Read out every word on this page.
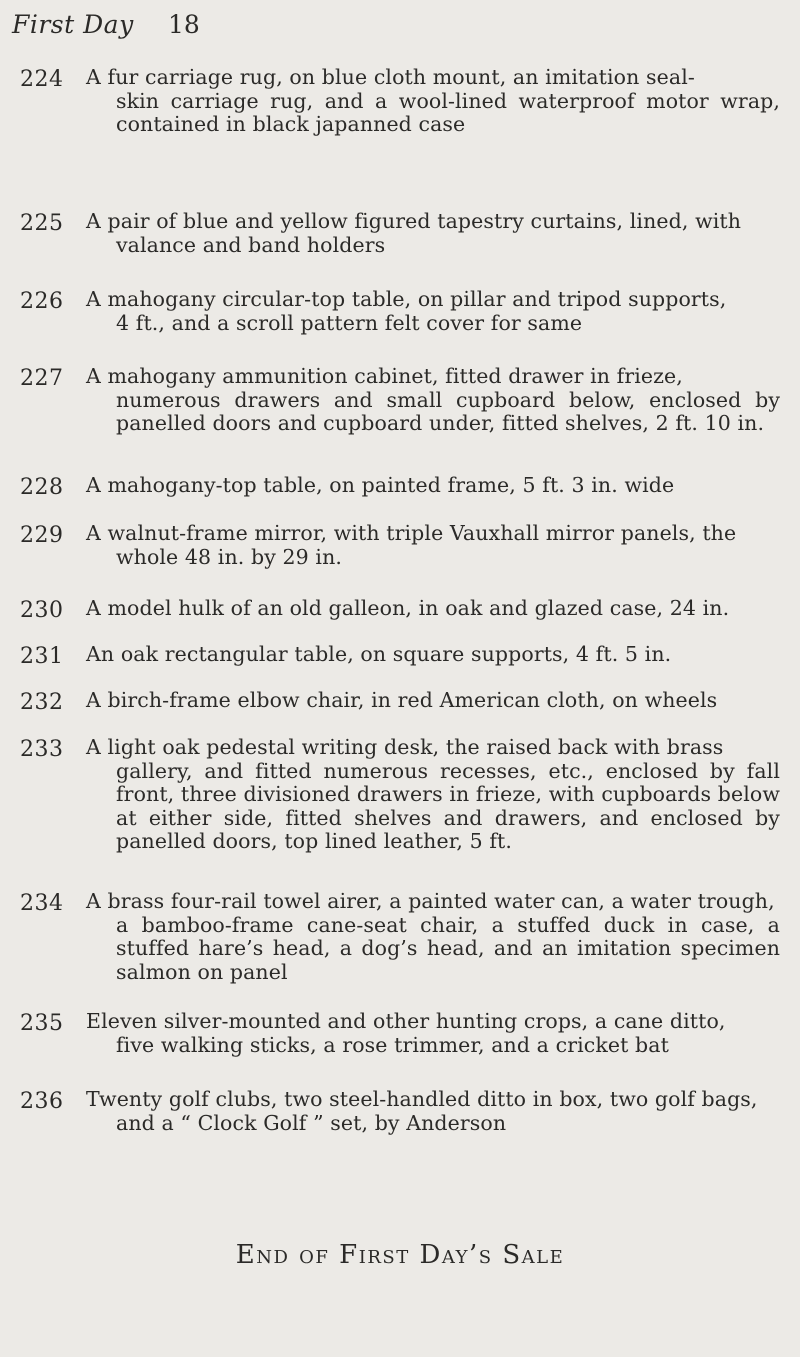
First Day 18
224 A fur carriage rug, on blue cloth mount, an imitation seal-
skin carriage rug, and a wool-lined waterproof motor wrap, contained in black japanned case
225 A pair of blue and yellow figured tapestry curtains, lined, with
valance and band holders
226 A mahogany circular-top table, on pillar and tripod supports,
4 ft., and a scroll pattern felt cover for same
227 A mahogany ammunition cabinet, fitted drawer in frieze,
numerous drawers and small cupboard below, enclosed by panelled doors and cupboard under, fitted shelves, 2 ft. 10 in.
228 A mahogany-top table, on painted frame, 5 ft. 3 in. wide
229 A walnut-frame mirror, with triple Vauxhall mirror panels, the
whole 48 in. by 29 in.
230 A model hulk of an old galleon, in oak and glazed case, 24 in.
231 An oak rectangular table, on square supports, 4 ft. 5 in.
232 A birch-frame elbow chair, in red American cloth, on wheels
233 A light oak pedestal writing desk, the raised back with brass
gallery, and fitted numerous recesses, etc., enclosed by fall front, three divisioned drawers in frieze, with cupboards below at either side, fitted shelves and drawers, and enclosed by panelled doors, top lined leather, 5 ft.
234 A brass four-rail towel airer, a painted water can, a water trough,
a bamboo-frame cane-seat chair, a stuffed duck in case, a stuffed hare’s head, a dog’s head, and an imitation specimen salmon on panel
235 Eleven silver-mounted and other hunting crops, a cane ditto,
five walking sticks, a rose trimmer, and a cricket bat
236 Twenty golf clubs, two steel-handled ditto in box, two golf bags,
and a “ Clock Golf ” set, by Anderson
End of First Day’s Sale
